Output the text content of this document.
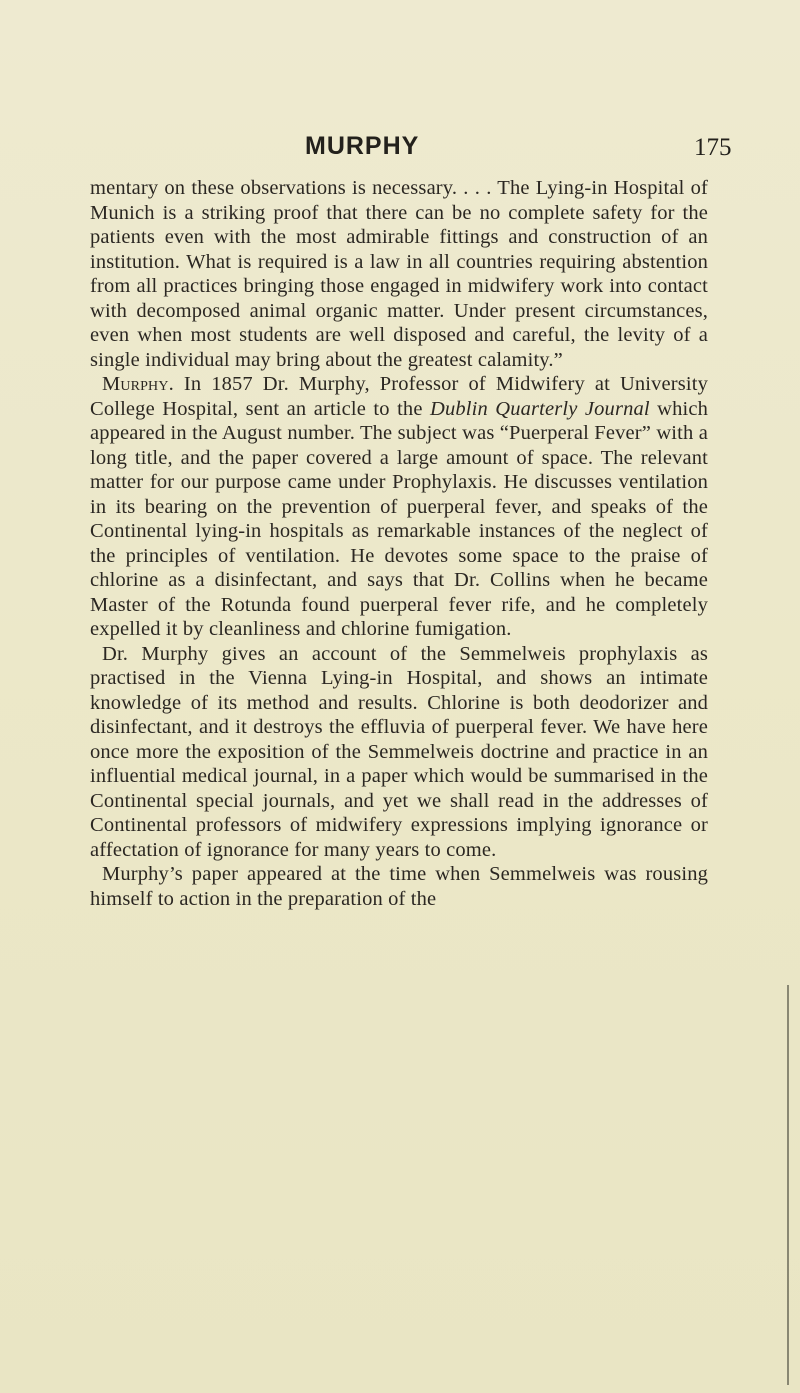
MURPHY	175

mentary on these observations is necessary. . . . The Lying-in Hospital of Munich is a striking proof that there can be no complete safety for the patients even with the most admirable fittings and construction of an institution. What is required is a law in all countries requiring abstention from all practices bringing those engaged in midwifery work into contact with decomposed animal organic matter. Under present circumstances, even when most students are well disposed and careful, the levity of a single individual may bring about the greatest calamity.”

Murphy. In 1857 Dr. Murphy, Professor of Midwifery at University College Hospital, sent an article to the Dublin Quarterly Journal which appeared in the August number. The subject was “Puerperal Fever” with a long title, and the paper covered a large amount of space. The relevant matter for our purpose came under Prophylaxis. He discusses ventilation in its bearing on the prevention of puerperal fever, and speaks of the Continental lying-in hospitals as remarkable instances of the neglect of the principles of ventilation. He devotes some space to the praise of chlorine as a disinfectant, and says that Dr. Collins when he became Master of the Rotunda found puerperal fever rife, and he completely expelled it by cleanliness and chlorine fumigation.

Dr. Murphy gives an account of the Semmelweis prophylaxis as practised in the Vienna Lying-in Hospital, and shows an intimate knowledge of its method and results. Chlorine is both deodorizer and disinfectant, and it destroys the effluvia of puerperal fever. We have here once more the exposition of the Semmelweis doctrine and practice in an influential medical journal, in a paper which would be summarised in the Continental special journals, and yet we shall read in the addresses of Continental professors of midwifery expressions implying ignorance or affectation of ignorance for many years to come.

Murphy’s paper appeared at the time when Semmelweis was rousing himself to action in the preparation of the
